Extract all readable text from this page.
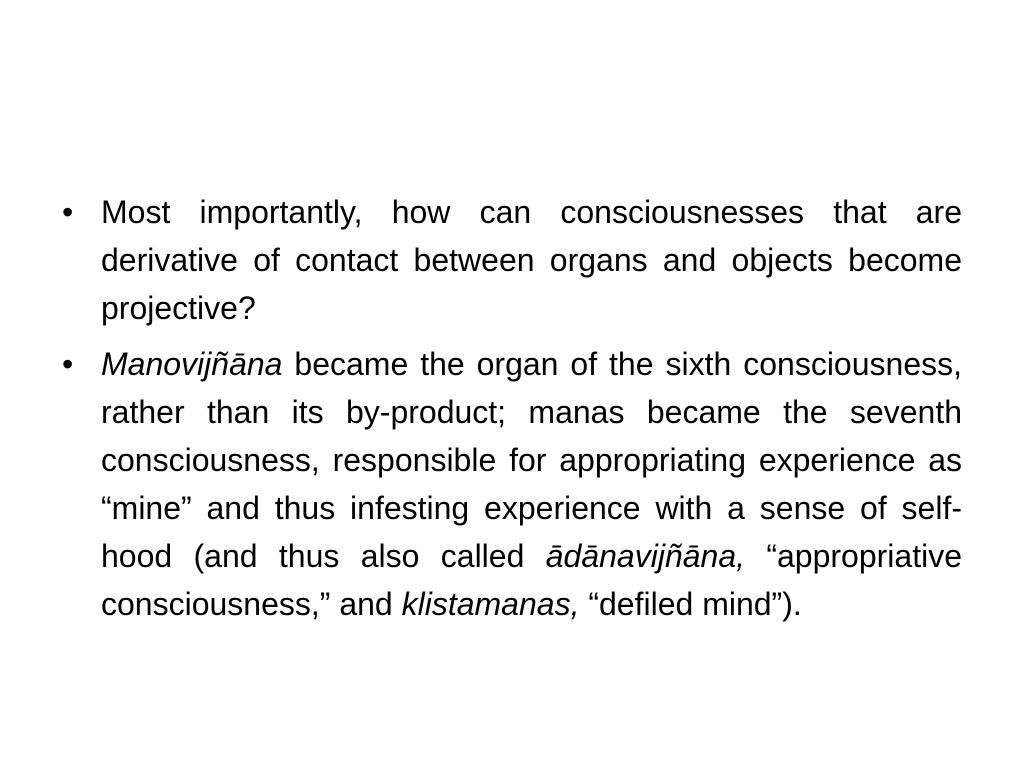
• Most importantly, how can consciousnesses that are derivative of contact between organs and objects become projective?
• Manovijñāna became the organ of the sixth consciousness, rather than its by-product; manas became the seventh consciousness, responsible for appropriating experience as “mine” and thus infesting experience with a sense of self-hood (and thus also called ādānavijñāna, “appropriative consciousness,” and klistamanas, “defiled mind”).
